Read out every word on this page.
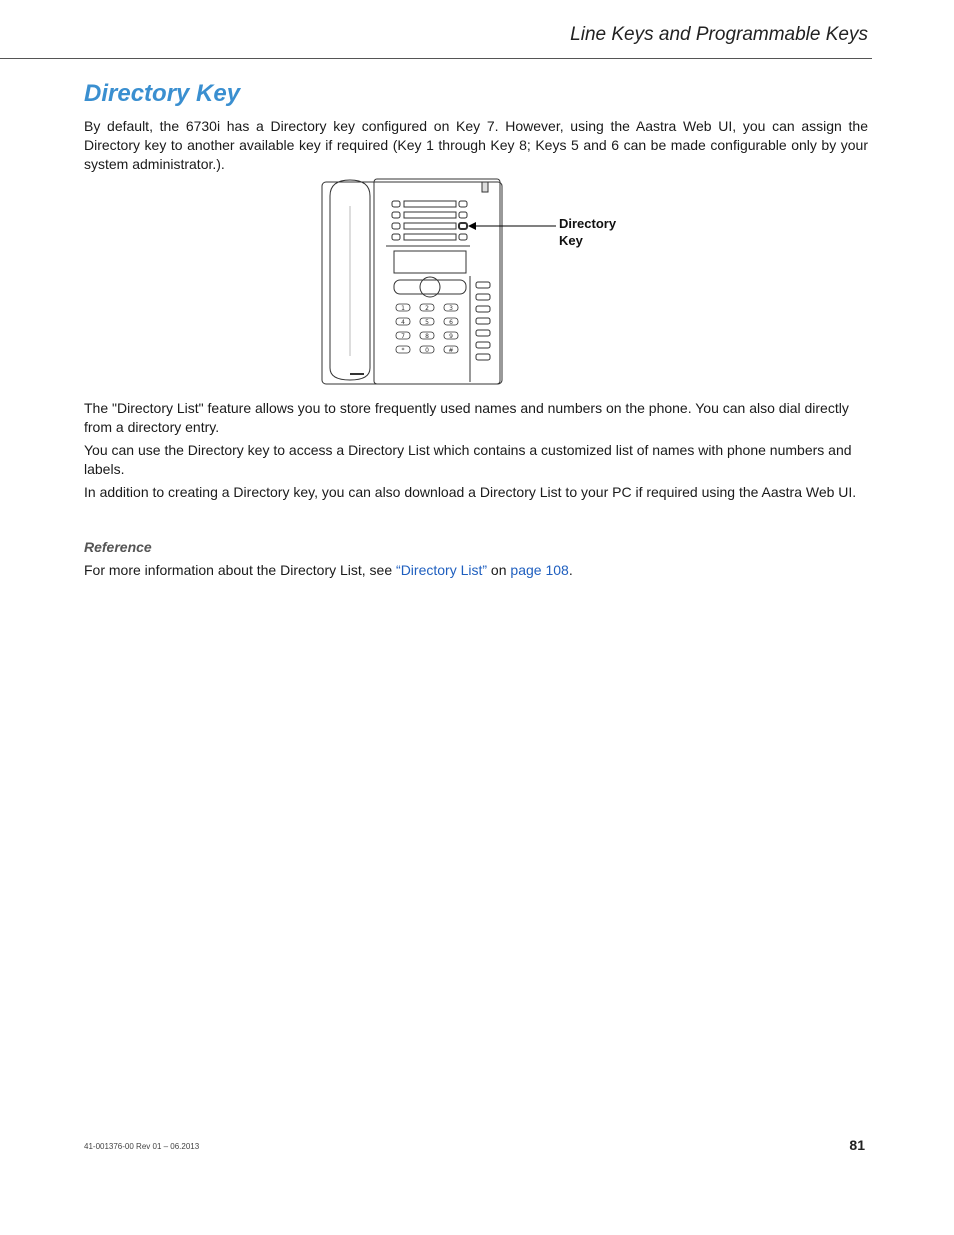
Line Keys and Programmable Keys
Directory Key

By default, the 6730i has a Directory key configured on Key 7. However, using the Aastra Web UI, you can assign the Directory key to another available key if required (Key 1 through Key 8; Keys 5 and 6 can be made configurable only by your system administrator.).

1	2	3
4	5	6
7	8	9
*	0	#
Directory
Key

The "Directory List" feature allows you to store frequently used names and numbers on the phone. You can also dial directly from a directory entry.

You can use the Directory key to access a Directory List which contains a customized list of names with phone numbers and labels.

In addition to creating a Directory key, you can also download a Directory List to your PC if required using the Aastra Web UI.

Reference

For more information about the Directory List, see “Directory List” on page 108.

41-001376-00 Rev 01 – 06.2013	81
